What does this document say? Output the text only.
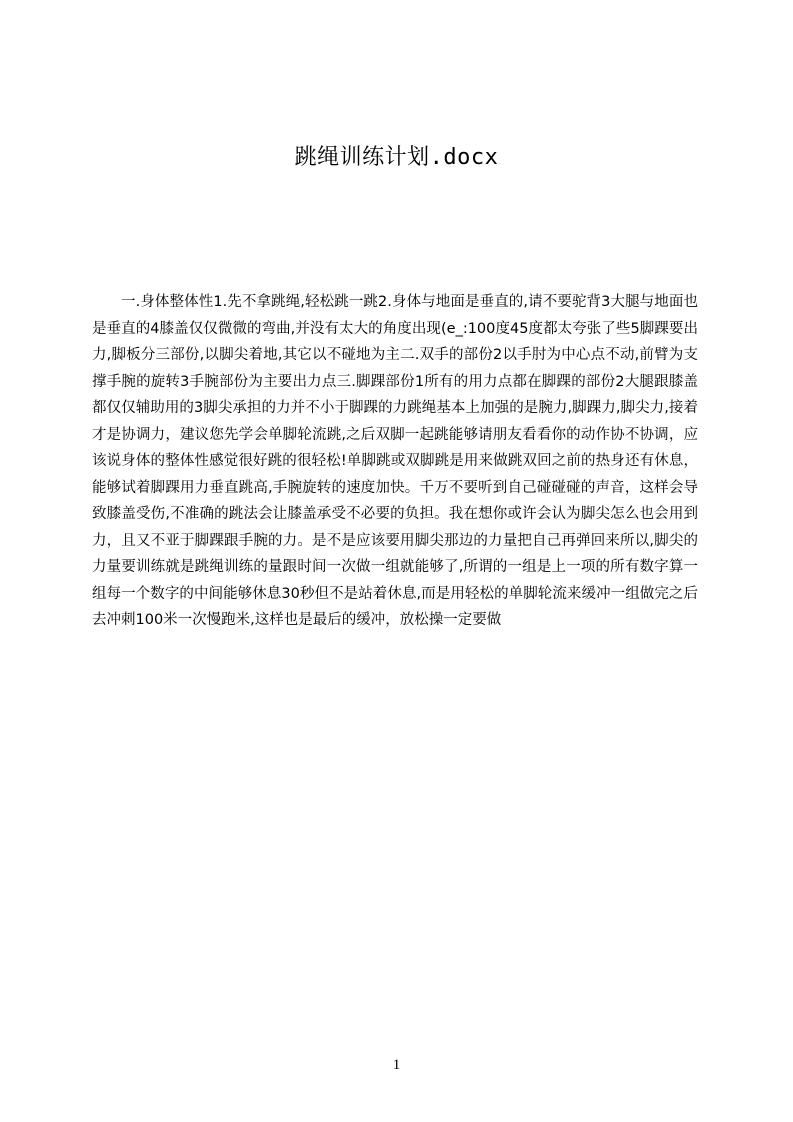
跳绳训练计划.docx

一.身体整体性1.先不拿跳绳,轻松跳一跳2.身体与地面是垂直的,请不要驼背3大腿与地面也是垂直的4膝盖仅仅微微的弯曲,并没有太大的角度出现(e_:100度45度都太夸张了些5脚踝要出力,脚板分三部份,以脚尖着地,其它以不碰地为主二.双手的部份2以手肘为中心点不动,前臂为支撑手腕的旋转3手腕部份为主要出力点三.脚踝部份1所有的用力点都在脚踝的部份2大腿跟膝盖都仅仅辅助用的3脚尖承担的力并不小于脚踝的力跳绳基本上加强的是腕力,脚踝力,脚尖力,接着才是协调力，建议您先学会单脚轮流跳,之后双脚一起跳能够请朋友看看你的动作协不协调，应该说身体的整体性感觉很好跳的很轻松!单脚跳或双脚跳是用来做跳双回之前的热身还有休息，能够试着脚踝用力垂直跳高,手腕旋转的速度加快。千万不要听到自己碰碰碰的声音，这样会导致膝盖受伤,不准确的跳法会让膝盖承受不必要的负担。我在想你或许会认为脚尖怎么也会用到力，且又不亚于脚踝跟手腕的力。是不是应该要用脚尖那边的力量把自己再弹回来所以,脚尖的力量要训练就是跳绳训练的量跟时间一次做一组就能够了,所谓的一组是上一项的所有数字算一组每一个数字的中间能够休息30秒但不是站着休息,而是用轻松的单脚轮流来缓冲一组做完之后去冲刺100米一次慢跑米,这样也是最后的缓冲，放松操一定要做

1
